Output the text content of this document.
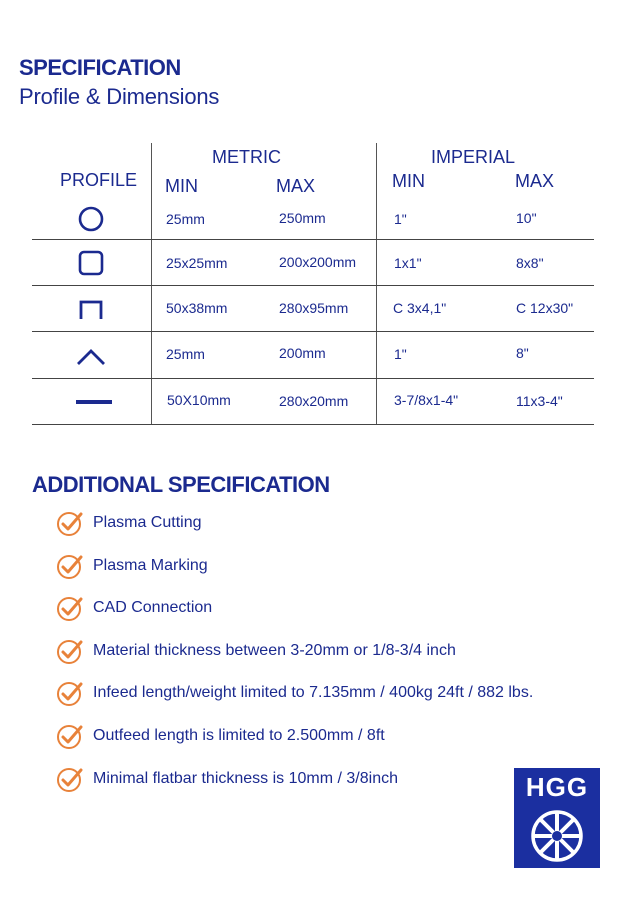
SPECIFICATION
Profile & Dimensions
PROFILE
METRIC	IMPERIAL
MIN	MAX	MIN	MAX
25mm	250mm	1"	10"
25x25mm	200x200mm	1x1"	8x8"
50x38mm	280x95mm	C 3x4,1"	C 12x30"
25mm	200mm	1"	8"
50X10mm	280x20mm	3-7/8x1-4"	11x3-4"
ADDITIONAL SPECIFICATION
Plasma Cutting
Plasma Marking
CAD Connection
Material thickness between 3-20mm or 1/8-3/4 inch
Infeed length/weight limited to 7.135mm / 400kg 24ft / 882 lbs.
Outfeed length is limited to 2.500mm / 8ft
Minimal flatbar thickness is 10mm / 3/8inch	HGG
